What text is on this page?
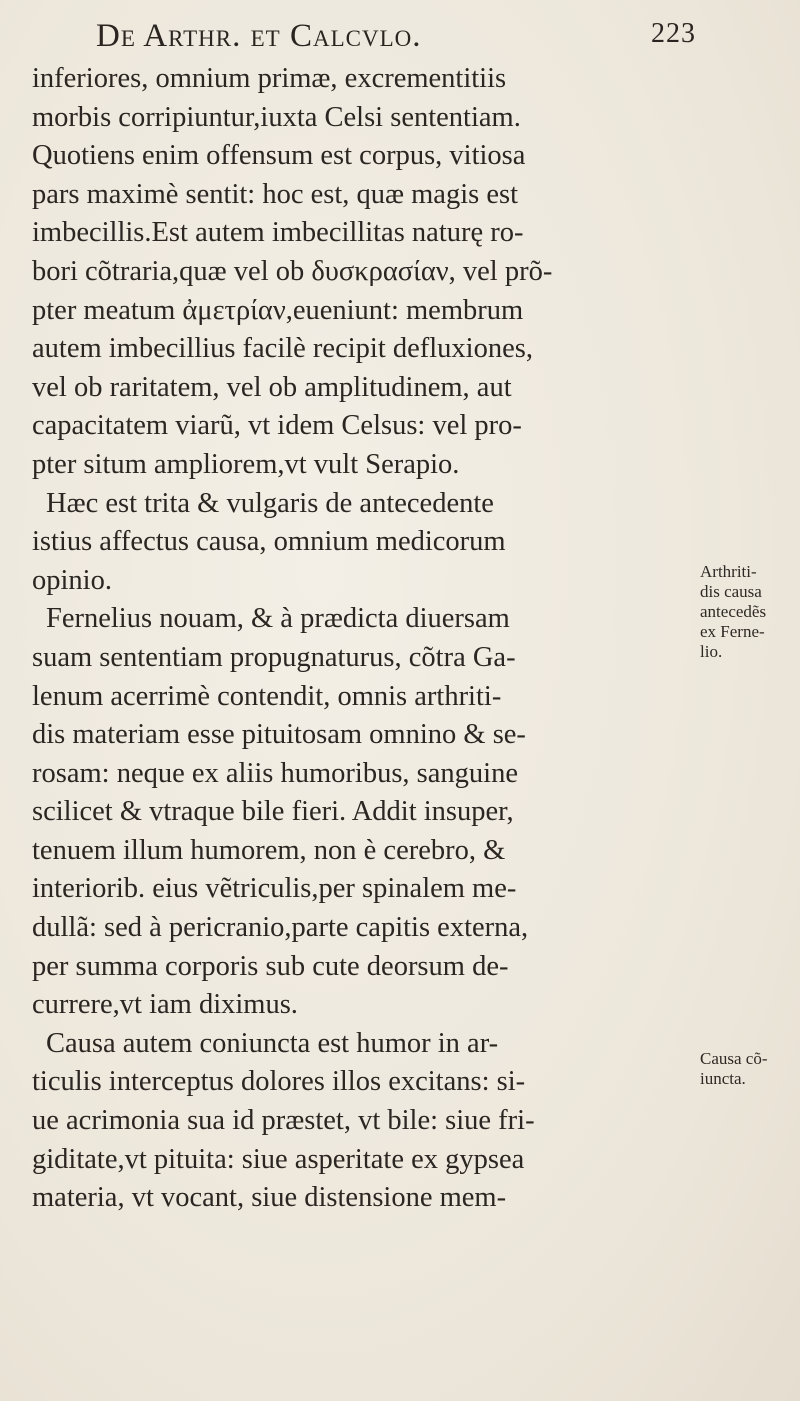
De Arthr. et Calcvlo.	223
inferiores, omnium primæ, excrementitiis
morbis corripiuntur,iuxta Celsi sententiam.
Quotiens enim offensum est corpus, vitiosa
pars maximè sentit: hoc est, quæ magis est
imbecillis.Est autem imbecillitas naturę ro-
bori cõtraria,quæ vel ob δυσκρασίαν, vel prõ-
pter meatum ἀμετρίαν,eueniunt: membrum
autem imbecillius facilè recipit defluxiones,
vel ob raritatem, vel ob amplitudinem, aut
capacitatem viarũ, vt idem Celsus: vel pro-
pter situm ampliorem,vt vult Serapio.
Hæc est trita & vulgaris de antecedente
istius affectus causa, omnium medicorum
opinio.
Fernelius nouam, & à prædicta diuersam
suam sententiam propugnaturus, cõtra Ga-
lenum acerrimè contendit, omnis arthriti-
dis materiam esse pituitosam omnino & se-
rosam: neque ex aliis humoribus, sanguine
scilicet & vtraque bile fieri. Addit insuper,
tenuem illum humorem, non è cerebro, &
interiorib. eius vẽtriculis,per spinalem me-
dullã: sed à pericranio,parte capitis externa,
per summa corporis sub cute deorsum de-
currere,vt iam diximus.
Causa autem coniuncta est humor in ar-
ticulis interceptus dolores illos excitans: si-
ue acrimonia sua id præstet, vt bile: siue fri-
giditate,vt pituita: siue asperitate ex gypsea
materia, vt vocant, siue distensione mem-
Arthriti-
dis causa
antecedẽs
ex Ferne-
lio.
Causa cõ-
iuncta.
